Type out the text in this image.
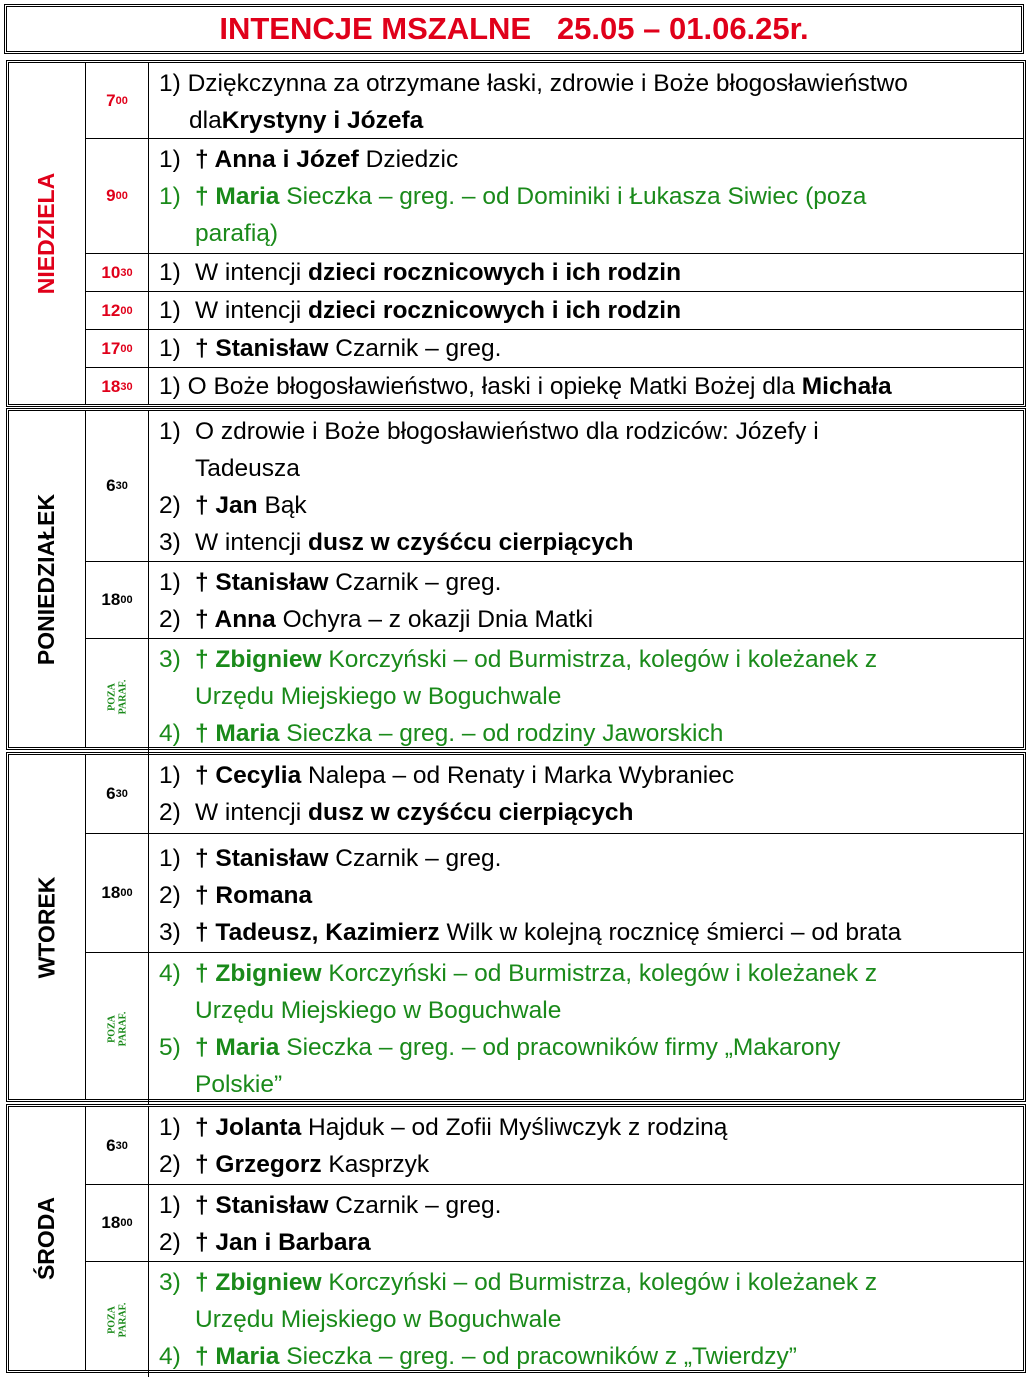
INTENCJE MSZALNE   25.05 – 01.06.25r.
NIEDZIELA
7 00
1) Dziękczynna za otrzymane łaski, zdrowie i Boże błogosławieństwo
dla Krystyny i Józefa
9 00
1) † Anna i Józef Dziedzic
1) † Maria Sieczka – greg. – od Dominiki i Łukasza Siwiec (poza
parafią)
10 30 1) W intencji dzieci rocznicowych i ich rodzin
12 00 1) W intencji dzieci rocznicowych i ich rodzin
17 00 1) † Stanisław Czarnik – greg.
18 30 1) O Boże błogosławieństwo, łaski i opiekę Matki Bożej dla Michała
PONIEDZIAŁEK
6 30
1) O zdrowie i Boże błogosławieństwo dla rodziców: Józefy i
Tadeusza
2) † Jan Bąk
3) W intencji dusz w czyśćcu cierpiących
18 00
1) † Stanisław Czarnik – greg.
2) † Anna Ochyra – z okazji Dnia Matki
POZA
PARAF.
3) † Zbigniew Korczyński – od Burmistrza, kolegów i koleżanek z
Urzędu Miejskiego w Boguchwale
4) † Maria Sieczka – greg. – od rodziny Jaworskich
WTOREK
6 30
1) † Cecylia Nalepa – od Renaty i Marka Wybraniec
2) W intencji dusz w czyśćcu cierpiących
18 00
1) † Stanisław Czarnik – greg.
2) † Romana
3) † Tadeusz, Kazimierz Wilk w kolejną rocznicę śmierci – od brata
POZA
PARAF.
4) † Zbigniew Korczyński – od Burmistrza, kolegów i koleżanek z
Urzędu Miejskiego w Boguchwale
5) † Maria Sieczka – greg. – od pracowników firmy „Makarony
Polskie”
ŚRODA
6 30
1) † Jolanta Hajduk – od Zofii Myśliwczyk z rodziną
2) † Grzegorz Kasprzyk
18 00
1) † Stanisław Czarnik – greg.
2) † Jan i Barbara
POZA
PARAF.
3) † Zbigniew Korczyński – od Burmistrza, kolegów i koleżanek z
Urzędu Miejskiego w Boguchwale
4) † Maria Sieczka – greg. – od pracowników z „Twierdzy”
